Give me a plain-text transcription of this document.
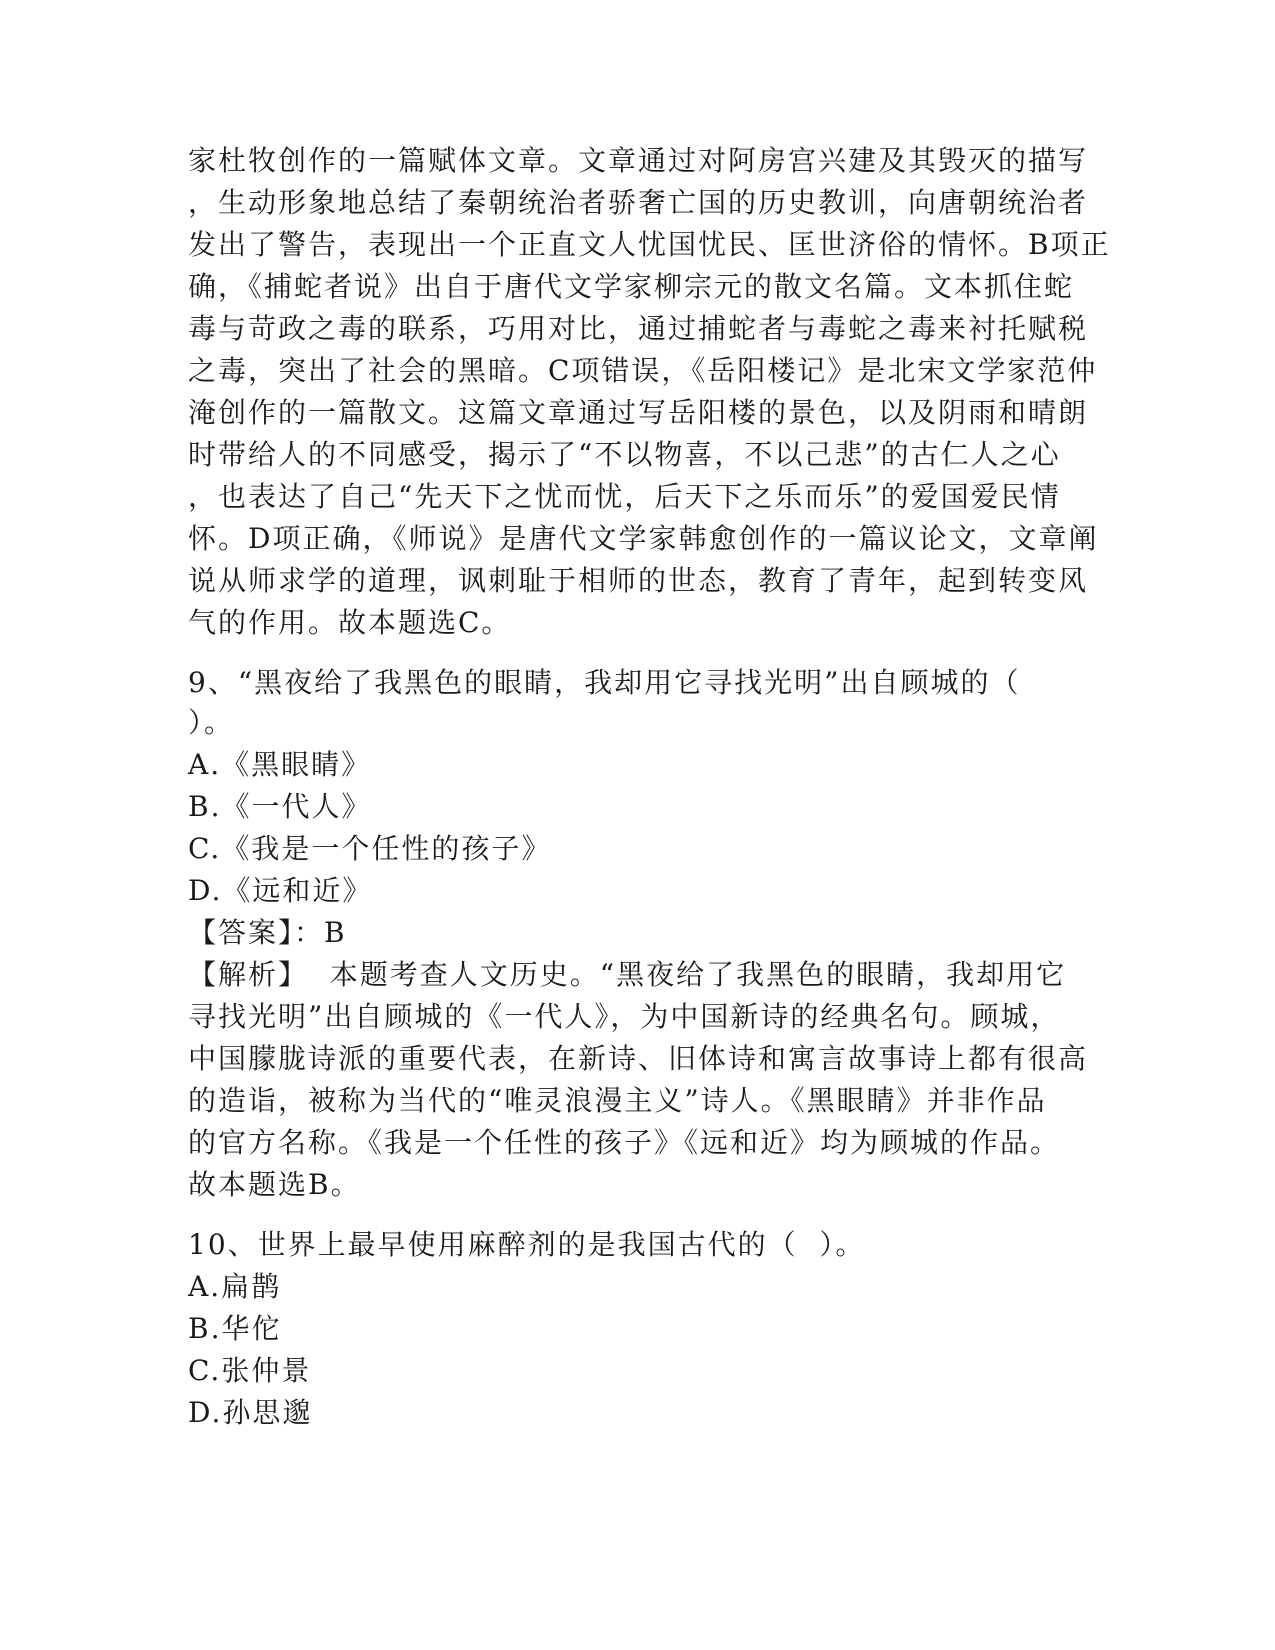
家杜牧创作的一篇赋体文章。文章通过对阿房宫兴建及其毁灭的描写
，生动形象地总结了秦朝统治者骄奢亡国的历史教训，向唐朝统治者
发出了警告，表现出一个正直文人忧国忧民、匡世济俗的情怀。B项正
确，《捕蛇者说》出自于唐代文学家柳宗元的散文名篇。文本抓住蛇
毒与苛政之毒的联系，巧用对比，通过捕蛇者与毒蛇之毒来衬托赋税
之毒，突出了社会的黑暗。C项错误，《岳阳楼记》是北宋文学家范仲
淹创作的一篇散文。这篇文章通过写岳阳楼的景色，以及阴雨和晴朗
时带给人的不同感受，揭示了“不以物喜，不以己悲”的古仁人之心
，也表达了自己“先天下之忧而忧，后天下之乐而乐”的爱国爱民情
怀。D项正确，《师说》是唐代文学家韩愈创作的一篇议论文，文章阐
说从师求学的道理，讽刺耻于相师的世态，教育了青年，起到转变风
气的作用。故本题选C。
9、“黑夜给了我黑色的眼睛，我却用它寻找光明”出自顾城的（
）。
A.《黑眼睛》
B.《一代人》
C.《我是一个任性的孩子》
D.《远和近》
【答案】：B
【解析】  本题考查人文历史。“黑夜给了我黑色的眼睛，我却用它
寻找光明”出自顾城的《一代人》，为中国新诗的经典名句。顾城，
中国朦胧诗派的重要代表，在新诗、旧体诗和寓言故事诗上都有很高
的造诣，被称为当代的“唯灵浪漫主义”诗人。《黑眼睛》并非作品
的官方名称。《我是一个任性的孩子》《远和近》均为顾城的作品。
故本题选B。
10、世界上最早使用麻醉剂的是我国古代的（  ）。
A.扁鹊
B.华佗
C.张仲景
D.孙思邈
